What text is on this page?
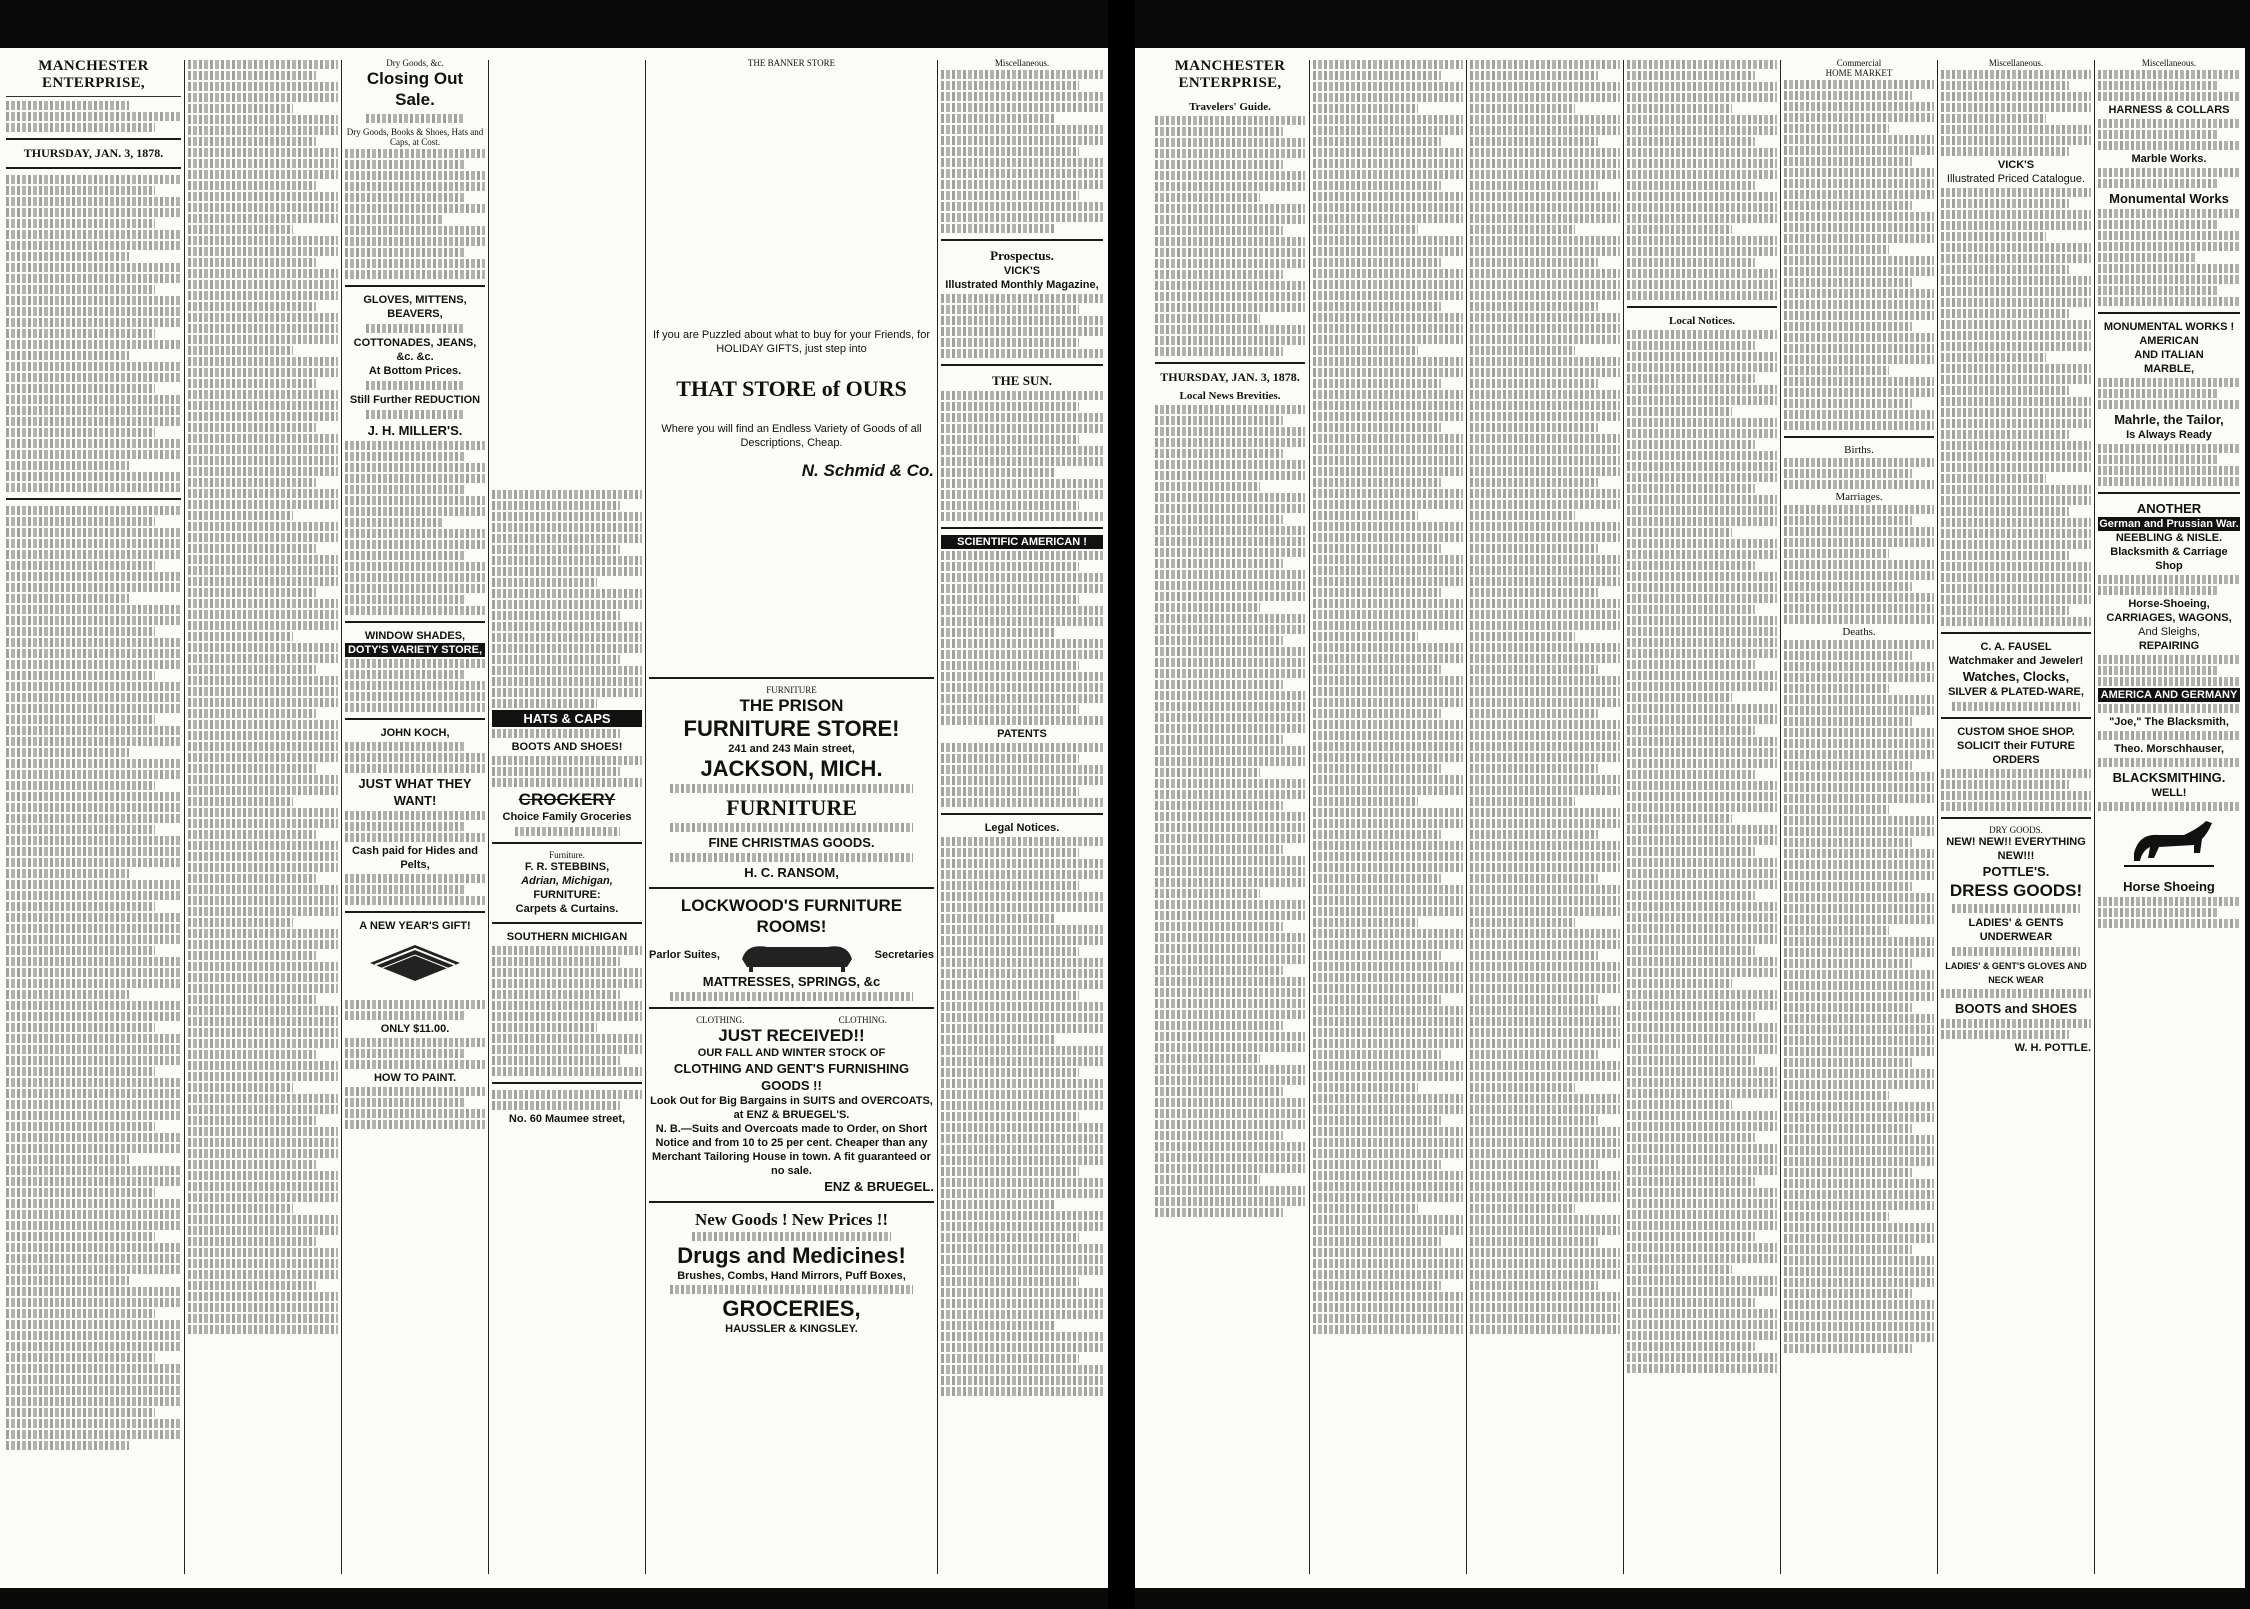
MANCHESTER ENTERPRISE,
THURSDAY, JAN. 3, 1878.
Dry Goods, &c.
Closing Out Sale.
Dry Goods, Books & Shoes, Hats and Caps, at Cost.
GLOVES, MITTENS, BEAVERS,
COTTONADES, JEANS, &c. &c.
At Bottom Prices.
Still Further REDUCTION
J. H. MILLER'S.
WINDOW SHADES,
DOTY'S VARIETY STORE,
JOHN KOCH,
JUST WHAT THEY WANT!
Cash paid for Hides and Pelts,
A NEW YEAR'S GIFT!
ONLY $11.00.
HOW TO PAINT.
HATS & CAPS
BOOTS AND SHOES!
CROCKERY
Choice Family Groceries
Furniture.
F. R. STEBBINS,
Adrian, Michigan,
FURNITURE:
Carpets & Curtains.
SOUTHERN MICHIGAN
No. 60 Maumee street,
THE BANNER STORE
If you are Puzzled about what to buy for your Friends, for HOLIDAY GIFTS, just step into
THAT STORE of OURS
Where you will find an Endless Variety of Goods of all Descriptions, Cheap.
N. Schmid & Co.
FURNITURE
THE PRISON
FURNITURE STORE!
241 and 243 Main street,
JACKSON, MICH.
FURNITURE
FINE CHRISTMAS GOODS.
H. C. RANSOM,
LOCKWOOD'S FURNITURE ROOMS!
Parlor Suites,	Secretaries
MATTRESSES, SPRINGS, &c
CLOTHING.	CLOTHING.
JUST RECEIVED!!
OUR FALL AND WINTER STOCK OF
CLOTHING AND GENT'S FURNISHING GOODS !!
Look Out for Big Bargains in SUITS and OVERCOATS, at ENZ & BRUEGEL'S.
N. B.—Suits and Overcoats made to Order, on Short Notice and from 10 to 25 per cent. Cheaper than any Merchant Tailoring House in town. A fit guaranteed or no sale.
ENZ & BRUEGEL.
New Goods ! New Prices !!
Drugs and Medicines!
Brushes, Combs, Hand Mirrors, Puff Boxes,
GROCERIES,
HAUSSLER & KINGSLEY.
Miscellaneous.
Prospectus.
VICK'S
Illustrated Monthly Magazine,
THE SUN.
SCIENTIFIC AMERICAN !
PATENTS
Legal Notices.
MANCHESTER ENTERPRISE,
Travelers' Guide.
THURSDAY, JAN. 3, 1878.
Local News Brevities.
Local Notices.
Commercial
HOME MARKET
Births.
Marriages.
Deaths.
Miscellaneous.
VICK'S
Illustrated Priced Catalogue.
C. A. FAUSEL
Watchmaker and Jeweler!
Watches, Clocks,
SILVER & PLATED-WARE,
CUSTOM SHOE SHOP.
SOLICIT their FUTURE ORDERS
DRY GOODS.
NEW! NEW!! EVERYTHING NEW!!!
POTTLE'S.
DRESS GOODS!
LADIES' & GENTS UNDERWEAR
LADIES' & GENT'S GLOVES AND NECK WEAR
BOOTS and SHOES
W. H. POTTLE.
Miscellaneous.
HARNESS & COLLARS
Marble Works.
Monumental Works
MONUMENTAL WORKS !
AMERICAN
AND ITALIAN
MARBLE,
Mahrle, the Tailor,
Is Always Ready
ANOTHER
German and Prussian War.
NEEBLING & NISLE.
Blacksmith & Carriage Shop
Horse-Shoeing,
CARRIAGES, WAGONS,
And Sleighs,
REPAIRING
AMERICA AND GERMANY
"Joe," The Blacksmith,
Theo. Morschhauser,
BLACKSMITHING.
WELL!
Horse Shoeing
